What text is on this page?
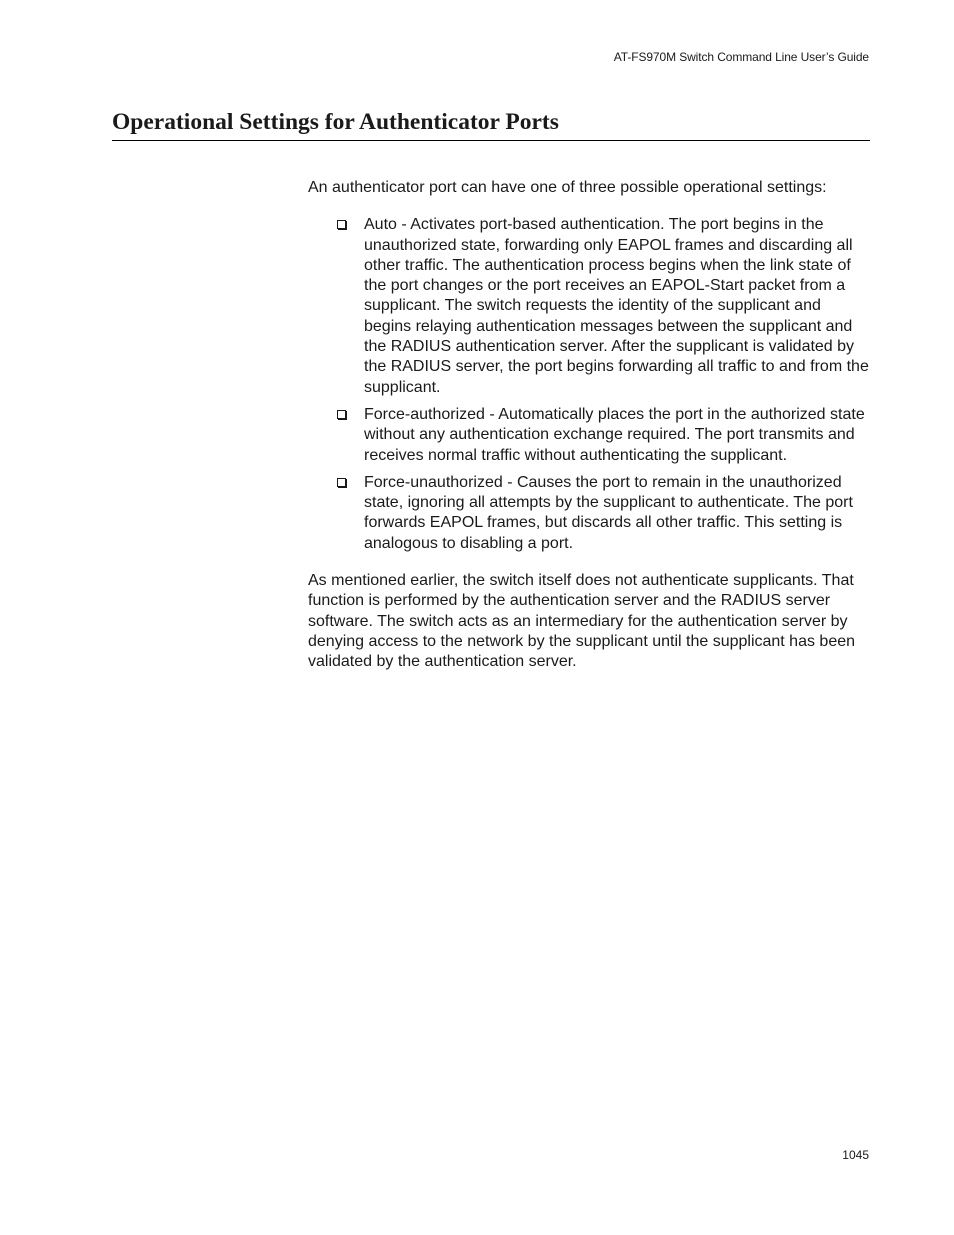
AT-FS970M Switch Command Line User’s Guide
Operational Settings for Authenticator Ports

An authenticator port can have one of three possible operational settings:

Auto - Activates port-based authentication. The port begins in the unauthorized state, forwarding only EAPOL frames and discarding all other traffic. The authentication process begins when the link state of the port changes or the port receives an EAPOL-Start packet from a supplicant. The switch requests the identity of the supplicant and begins relaying authentication messages between the supplicant and the RADIUS authentication server. After the supplicant is validated by the RADIUS server, the port begins forwarding all traffic to and from the supplicant.
Force-authorized - Automatically places the port in the authorized state without any authentication exchange required. The port transmits and receives normal traffic without authenticating the supplicant.
Force-unauthorized - Causes the port to remain in the unauthorized state, ignoring all attempts by the supplicant to authenticate. The port forwards EAPOL frames, but discards all other traffic. This setting is analogous to disabling a port.

As mentioned earlier, the switch itself does not authenticate supplicants. That function is performed by the authentication server and the RADIUS server software. The switch acts as an intermediary for the authentication server by denying access to the network by the supplicant until the supplicant has been validated by the authentication server.

1045
